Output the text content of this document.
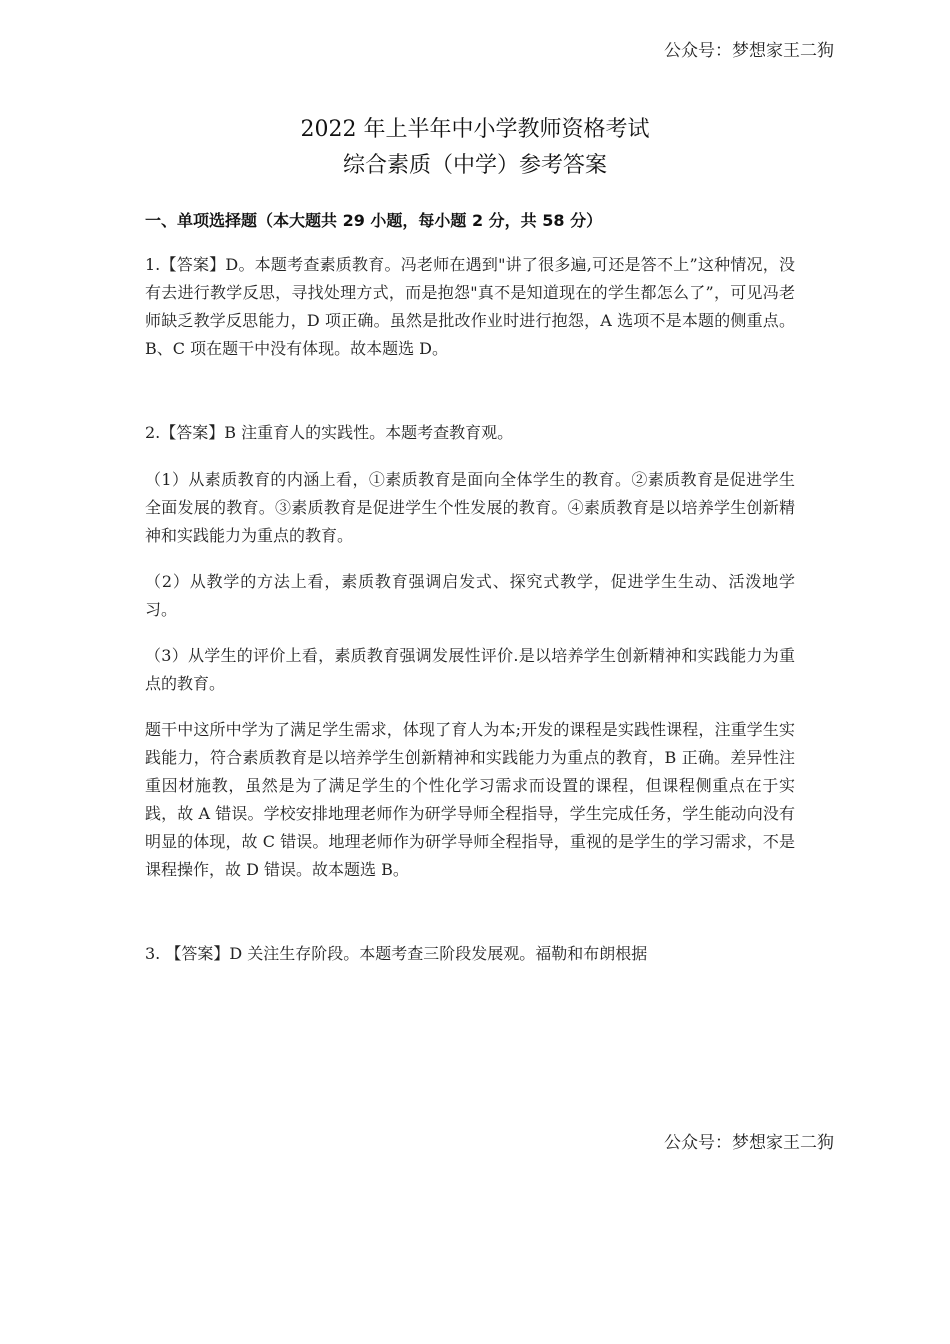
公众号：梦想家王二狗
2022 年上半年中小学教师资格考试
综合素质（中学）参考答案
一、单项选择题（本大题共 29 小题，每小题 2 分，共 58 分）

1.【答案】D。本题考查素质教育。冯老师在遇到"讲了很多遍,可还是答不上”这种情况，没有去进行教学反思，寻找处理方式，而是抱怨"真不是知道现在的学生都怎么了”，可见冯老师缺乏教学反思能力，D 项正确。虽然是批改作业时进行抱怨，A 选项不是本题的侧重点。B、C 项在题干中没有体现。故本题选 D。

2.【答案】B 注重育人的实践性。本题考查教育观。

（1）从素质教育的内涵上看，①素质教育是面向全体学生的教育。②素质教育是促进学生全面发展的教育。③素质教育是促进学生个性发展的教育。④素质教育是以培养学生创新精神和实践能力为重点的教育。

（2）从教学的方法上看，素质教育强调启发式、探究式教学，促进学生生动、活泼地学习。

（3）从学生的评价上看，素质教育强调发展性评价.是以培养学生创新精神和实践能力为重点的教育。

题干中这所中学为了满足学生需求，体现了育人为本;开发的课程是实践性课程，注重学生实践能力，符合素质教育是以培养学生创新精神和实践能力为重点的教育，B 正确。差异性注重因材施教，虽然是为了满足学生的个性化学习需求而设置的课程，但课程侧重点在于实践，故 A 错误。学校安排地理老师作为研学导师全程指导，学生完成任务，学生能动向没有明显的体现，故 C 错误。地理老师作为研学导师全程指导，重视的是学生的学习需求，不是课程操作，故 D 错误。故本题选 B。

3. 【答案】D 关注生存阶段。本题考查三阶段发展观。福勒和布朗根据

公众号：梦想家王二狗
